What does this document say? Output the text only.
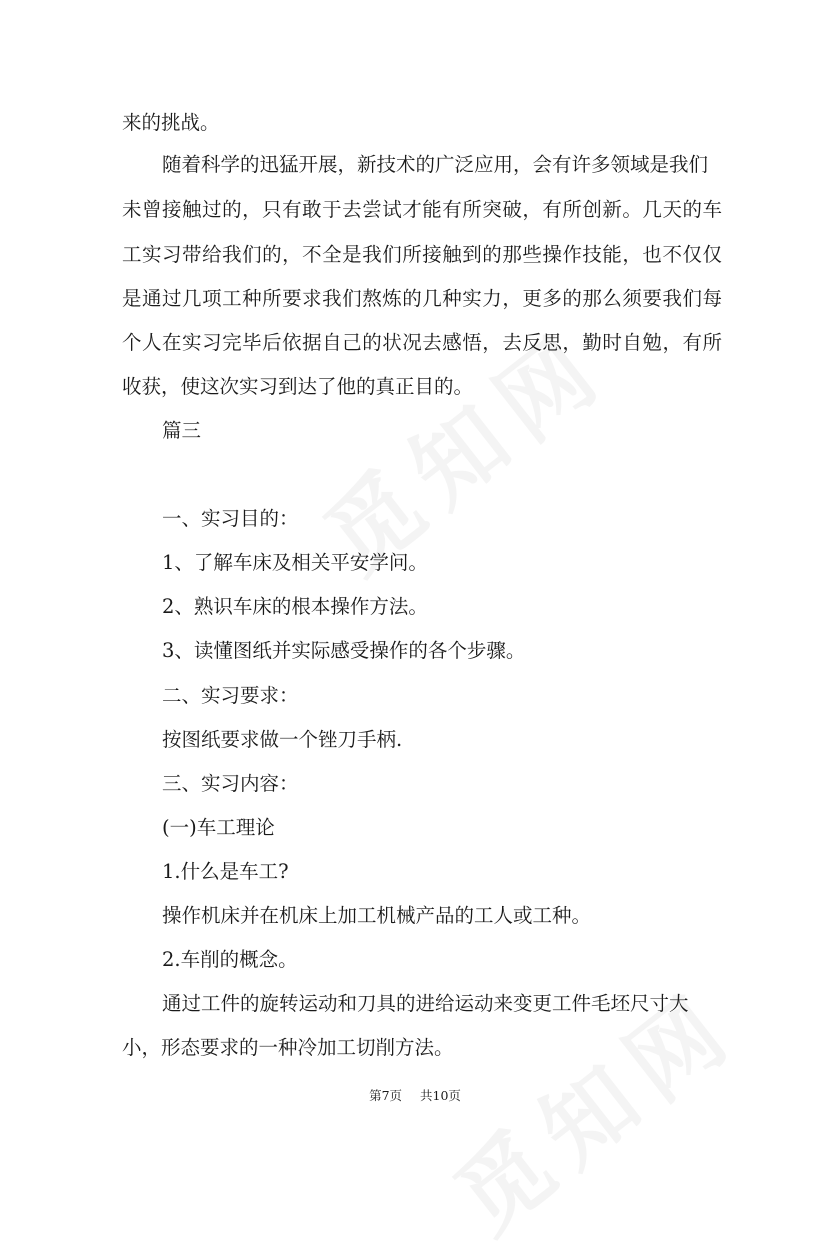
来的挑战。
随着科学的迅猛开展，新技术的广泛应用，会有许多领域是我们
未曾接触过的，只有敢于去尝试才能有所突破，有所创新。几天的车
工实习带给我们的，不全是我们所接触到的那些操作技能，也不仅仅
是通过几项工种所要求我们熬炼的几种实力，更多的那么须要我们每
个人在实习完毕后依据自己的状况去感悟，去反思，勤时自勉，有所
收获，使这次实习到达了他的真正目的。
篇三
一、实习目的：
1、了解车床及相关平安学问。
2、熟识车床的根本操作方法。
3、读懂图纸并实际感受操作的各个步骤。
二、实习要求：
按图纸要求做一个锉刀手柄.
三、实习内容：
(一)车工理论
1.什么是车工?
操作机床并在机床上加工机械产品的工人或工种。
2.车削的概念。
通过工件的旋转运动和刀具的进给运动来变更工件毛坯尺寸大
小，形态要求的一种冷加工切削方法。
第7页 共10页
